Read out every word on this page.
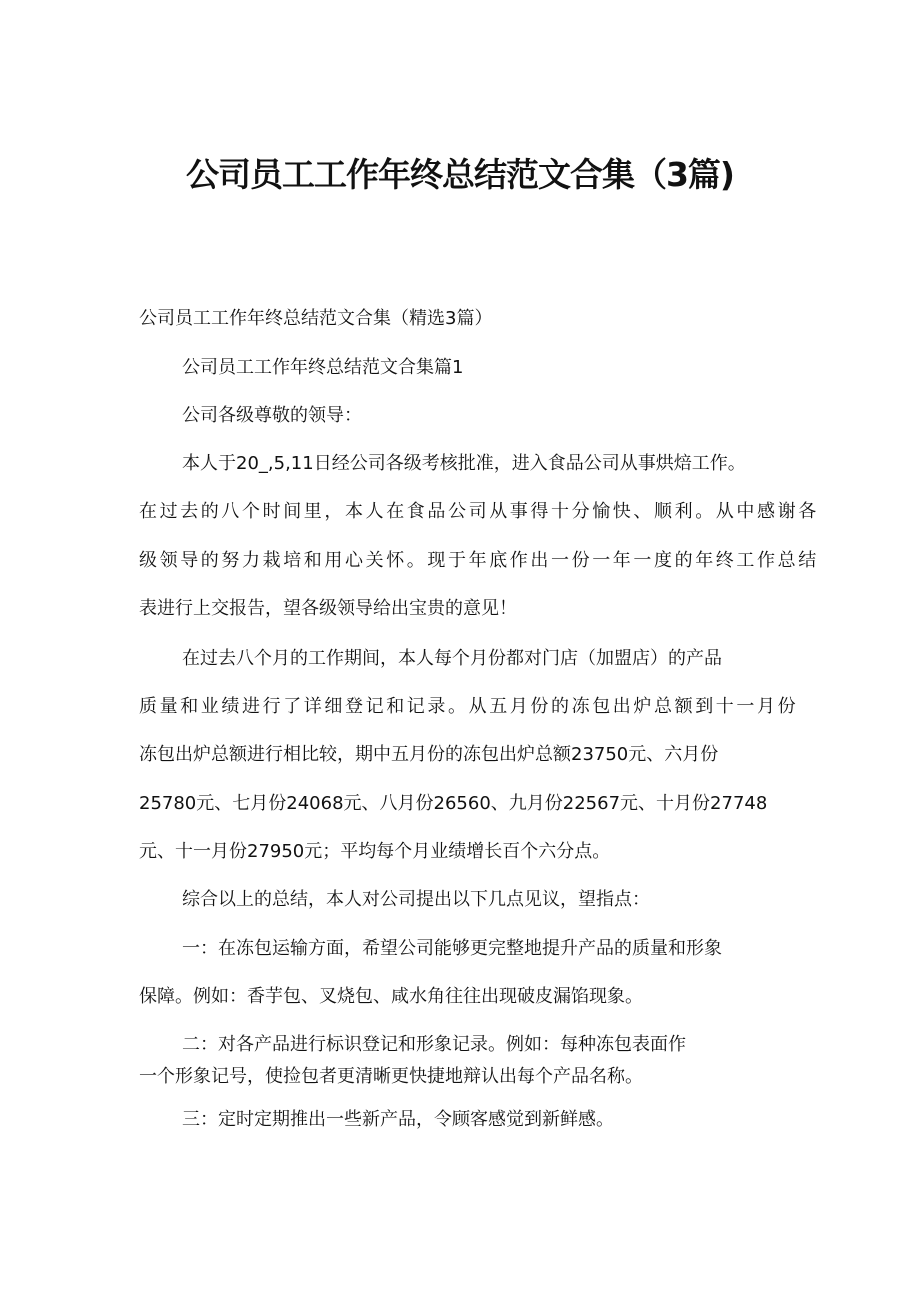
公司员工工作年终总结范文合集（3篇)
公司员工工作年终总结范文合集（精选3篇）
公司员工工作年终总结范文合集篇1
公司各级尊敬的领导：
本人于20_,5,11日经公司各级考核批准，进入食品公司从事烘焙工作。
在过去的八个时间里，本人在食品公司从事得十分愉快、顺利。从中感谢各
级领导的努力栽培和用心关怀。现于年底作出一份一年一度的年终工作总结
表进行上交报告，望各级领导给出宝贵的意见！
在过去八个月的工作期间，本人每个月份都对门店（加盟店）的产品
质量和业绩进行了详细登记和记录。从五月份的冻包出炉总额到十一月份
冻包出炉总额进行相比较，期中五月份的冻包出炉总额23750元、六月份
25780元、七月份24068元、八月份26560、九月份22567元、十月份27748
元、十一月份27950元；平均每个月业绩增长百个六分点。
综合以上的总结，本人对公司提出以下几点见议，望指点：
一：在冻包运输方面，希望公司能够更完整地提升产品的质量和形象
保障。例如：香芋包、叉烧包、咸水角往往出现破皮漏馅现象。
二：对各产品进行标识登记和形象记录。例如：每种冻包表面作
一个形象记号，使捡包者更清晰更快捷地辩认出每个产品名称。
三：定时定期推出一些新产品，令顾客感觉到新鲜感。
